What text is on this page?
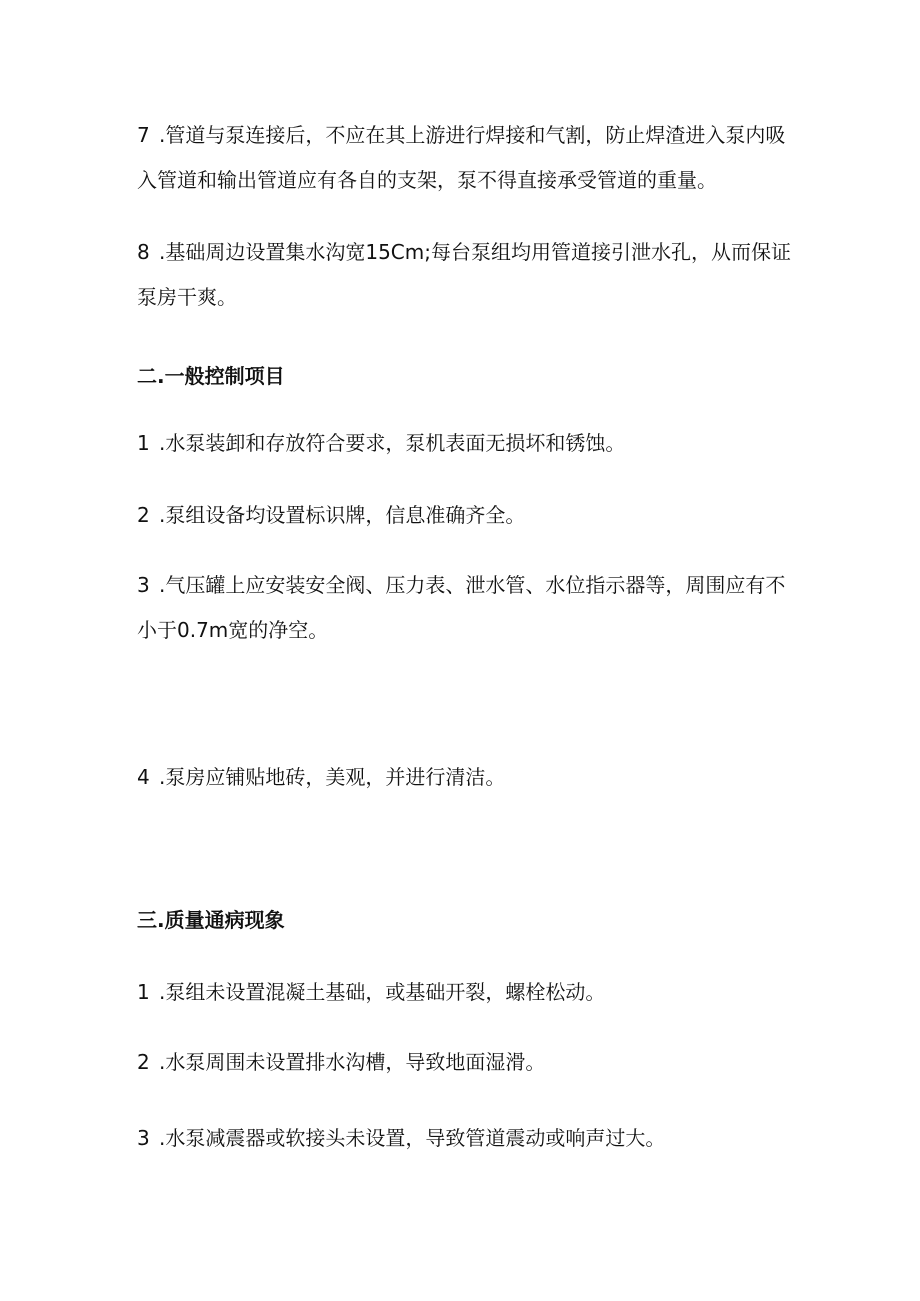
7 .管道与泵连接后，不应在其上游进行焊接和气割，防止焊渣进入泵内吸入管道和输出管道应有各自的支架，泵不得直接承受管道的重量。

8 .基础周边设置集水沟宽15Cm;每台泵组均用管道接引泄水孔，从而保证泵房干爽。

二.一般控制项目

1 .水泵装卸和存放符合要求，泵机表面无损坏和锈蚀。

2 .泵组设备均设置标识牌，信息准确齐全。

3 .气压罐上应安装安全阀、压力表、泄水管、水位指示器等，周围应有不小于0.7m宽的净空。

4 .泵房应铺贴地砖，美观，并进行清洁。

三.质量通病现象

1 .泵组未设置混凝土基础，或基础开裂，螺栓松动。

2 .水泵周围未设置排水沟槽，导致地面湿滑。

3 .水泵减震器或软接头未设置，导致管道震动或响声过大。
